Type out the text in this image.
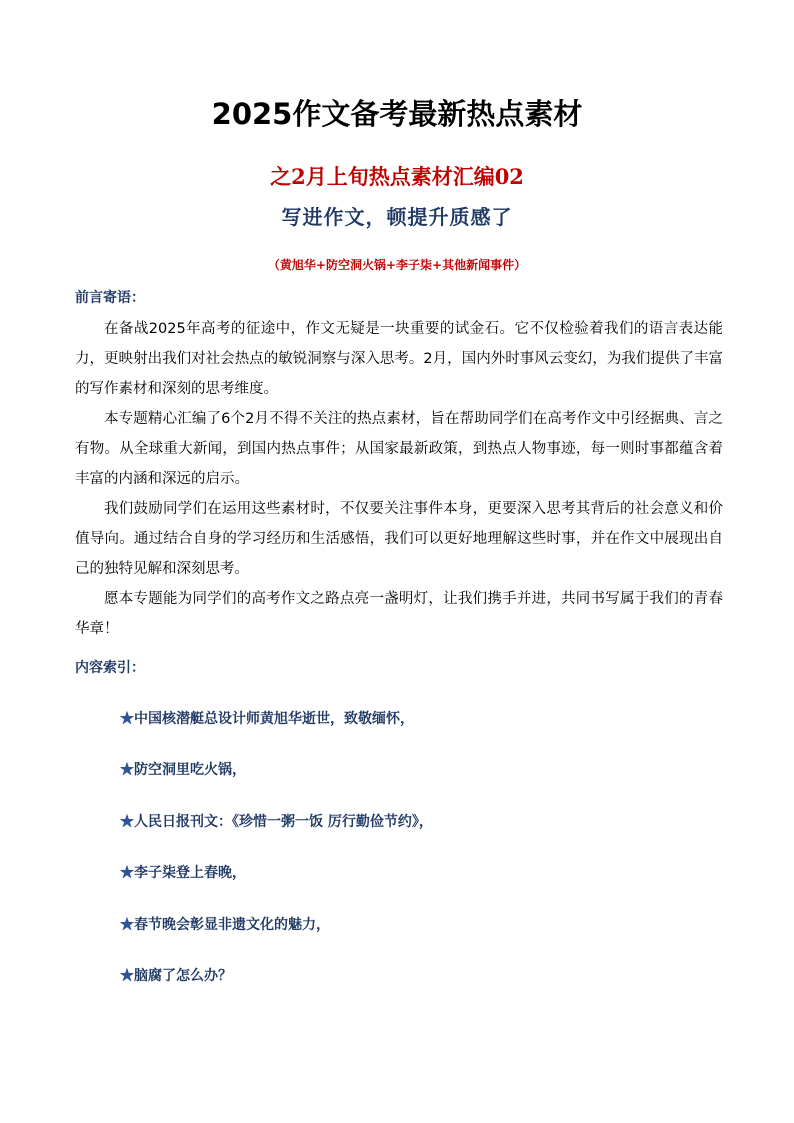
2025作文备考最新热点素材
之2月上旬热点素材汇编02
写进作文，顿提升质感了
（黄旭华+防空洞火锅+李子柒+其他新闻事件）
前言寄语：

在备战2025年高考的征途中，作文无疑是一块重要的试金石。它不仅检验着我们的语言表达能力，更映射出我们对社会热点的敏锐洞察与深入思考。2月，国内外时事风云变幻，为我们提供了丰富的写作素材和深刻的思考维度。

本专题精心汇编了6个2月不得不关注的热点素材，旨在帮助同学们在高考作文中引经据典、言之有物。从全球重大新闻，到国内热点事件；从国家最新政策，到热点人物事迹，每一则时事都蕴含着丰富的内涵和深远的启示。

我们鼓励同学们在运用这些素材时，不仅要关注事件本身，更要深入思考其背后的社会意义和价值导向。通过结合自身的学习经历和生活感悟，我们可以更好地理解这些时事，并在作文中展现出自己的独特见解和深刻思考。

愿本专题能为同学们的高考作文之路点亮一盏明灯，让我们携手并进，共同书写属于我们的青春华章！

内容索引：
★中国核潜艇总设计师黄旭华逝世，致敬缅怀，
★防空洞里吃火锅，
★人民日报刊文：《珍惜一粥一饭 厉行勤俭节约》，
★李子柒登上春晚，
★春节晚会彰显非遗文化的魅力，
★脑腐了怎么办？
